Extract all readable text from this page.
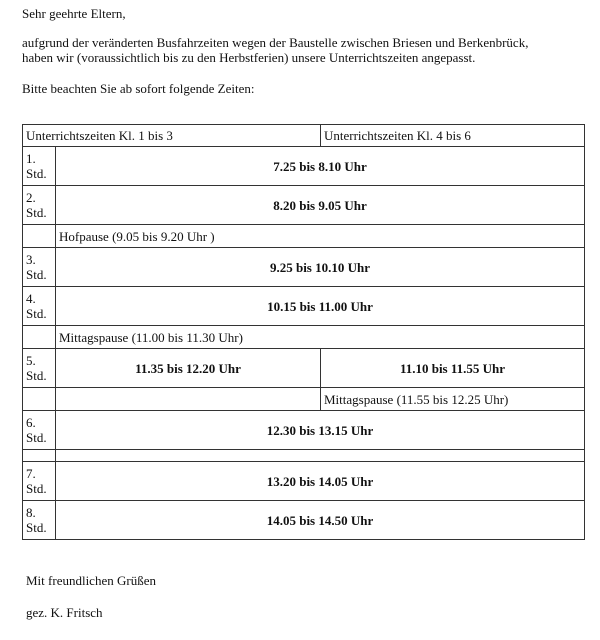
Sehr geehrte Eltern,

aufgrund der veränderten Busfahrzeiten wegen der Baustelle zwischen Briesen und Berkenbrück,

haben wir (voraussichtlich bis zu den Herbstferien) unsere Unterrichtszeiten angepasst.

Bitte beachten Sie ab sofort folgende Zeiten:

Unterrichtszeiten Kl. 1 bis 3		Unterrichtszeiten Kl. 4 bis 6
1.
Std.	7.25 bis 8.10 Uhr	
2.
Std.	8.20 bis 9.05 Uhr	
	Hofpause (9.05 bis 9.20 Uhr )	
3.
Std.	9.25 bis 10.10 Uhr	
4.
Std.	10.15 bis 11.00 Uhr	
	Mittagspause (11.00 bis 11.30 Uhr)	
5.
Std.	11.35 bis 12.20 Uhr	11.10 bis 11.55 Uhr
		Mittagspause (11.55 bis 12.25 Uhr)
6.
Std.	12.30 bis 13.15 Uhr	

7.
Std.	13.20 bis 14.05 Uhr	
8.
Std.	14.05 bis 14.50 Uhr	

Mit freundlichen Grüßen

gez. K. Fritsch
